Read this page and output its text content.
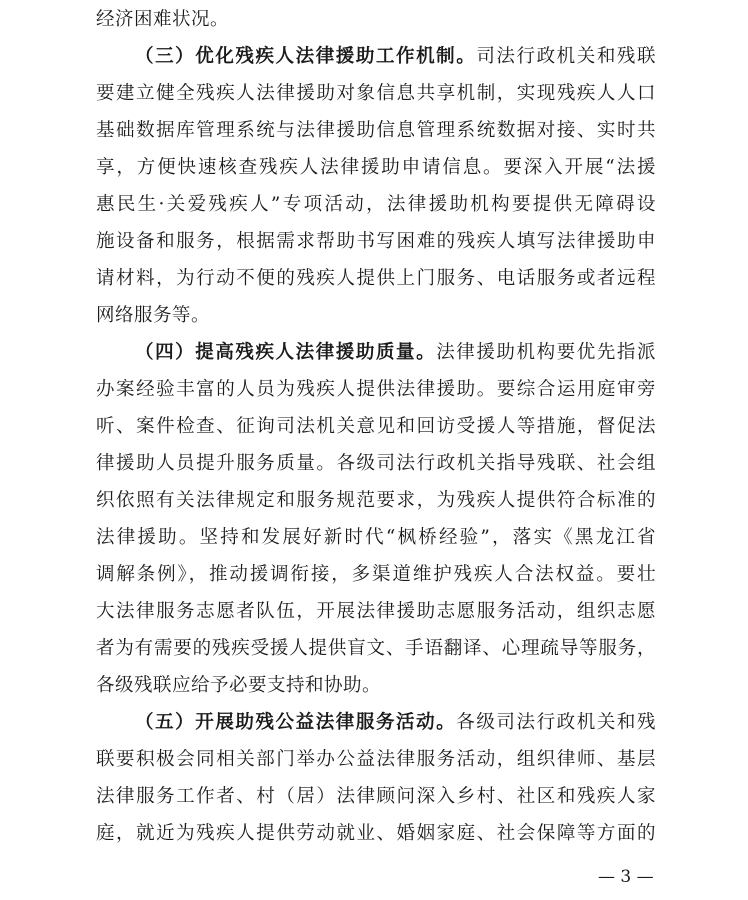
经济困难状况。
（三）优化残疾人法律援助工作机制。司法行政机关和残联
要建立健全残疾人法律援助对象信息共享机制，实现残疾人人口
基础数据库管理系统与法律援助信息管理系统数据对接、实时共
享，方便快速核查残疾人法律援助申请信息。要深入开展“法援
惠民生·关爱残疾人”专项活动，法律援助机构要提供无障碍设
施设备和服务，根据需求帮助书写困难的残疾人填写法律援助申
请材料，为行动不便的残疾人提供上门服务、电话服务或者远程
网络服务等。
（四）提高残疾人法律援助质量。法律援助机构要优先指派
办案经验丰富的人员为残疾人提供法律援助。要综合运用庭审旁
听、案件检查、征询司法机关意见和回访受援人等措施，督促法
律援助人员提升服务质量。各级司法行政机关指导残联、社会组
织依照有关法律规定和服务规范要求，为残疾人提供符合标准的
法律援助。坚持和发展好新时代“枫桥经验”，落实《黑龙江省
调解条例》，推动援调衔接，多渠道维护残疾人合法权益。要壮
大法律服务志愿者队伍，开展法律援助志愿服务活动，组织志愿
者为有需要的残疾受援人提供盲文、手语翻译、心理疏导等服务，
各级残联应给予必要支持和协助。
（五）开展助残公益法律服务活动。各级司法行政机关和残
联要积极会同相关部门举办公益法律服务活动，组织律师、基层
法律服务工作者、村（居）法律顾问深入乡村、社区和残疾人家
庭，就近为残疾人提供劳动就业、婚姻家庭、社会保障等方面的
— 3 —
